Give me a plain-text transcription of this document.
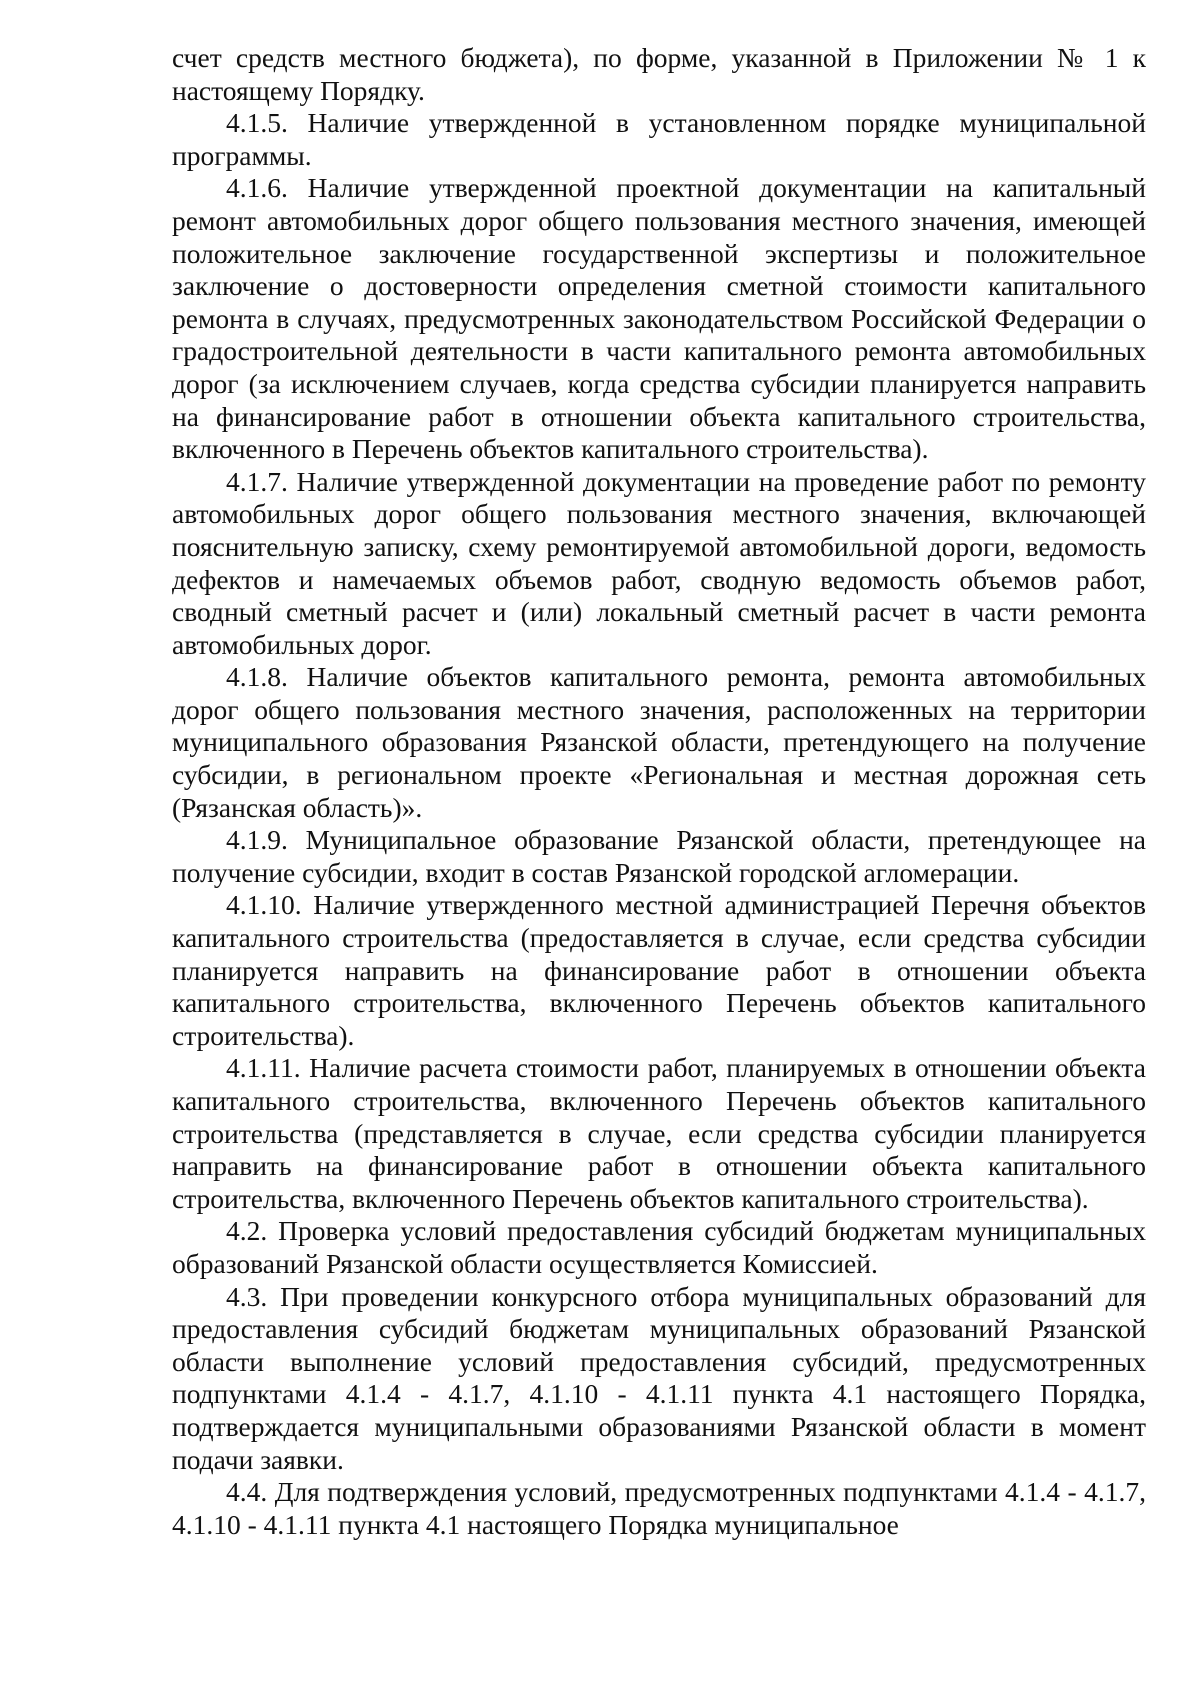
счет средств местного бюджета), по форме, указанной в Приложении № 1 к настоящему Порядку.

4.1.5. Наличие утвержденной в установленном порядке муниципальной программы.

4.1.6. Наличие утвержденной проектной документации на капитальный ремонт автомобильных дорог общего пользования местного значения, имеющей положительное заключение государственной экспертизы и положительное заключение о достоверности определения сметной стоимости капитального ремонта в случаях, предусмотренных законодательством Российской Федерации о градостроительной деятельности в части капитального ремонта автомобильных дорог (за исключением случаев, когда средства субсидии планируется направить на финансирование работ в отношении объекта капитального строительства, включенного в Перечень объектов капитального строительства).

4.1.7. Наличие утвержденной документации на проведение работ по ремонту автомобильных дорог общего пользования местного значения, включающей пояснительную записку, схему ремонтируемой автомобильной дороги, ведомость дефектов и намечаемых объемов работ, сводную ведомость объемов работ, сводный сметный расчет и (или) локальный сметный расчет в части ремонта автомобильных дорог.

4.1.8. Наличие объектов капитального ремонта, ремонта автомобильных дорог общего пользования местного значения, расположенных на территории муниципального образования Рязанской области, претендующего на получение субсидии, в региональном проекте «Региональная и местная дорожная сеть (Рязанская область)».

4.1.9. Муниципальное образование Рязанской области, претендующее на получение субсидии, входит в состав Рязанской городской агломерации.

4.1.10. Наличие утвержденного местной администрацией Перечня объектов капитального строительства (предоставляется в случае, если средства субсидии планируется направить на финансирование работ в отношении объекта капитального строительства, включенного Перечень объектов капитального строительства).

4.1.11. Наличие расчета стоимости работ, планируемых в отношении объекта капитального строительства, включенного Перечень объектов капитального строительства (представляется в случае, если средства субсидии планируется направить на финансирование работ в отношении объекта капитального строительства, включенного Перечень объектов капитального строительства).

4.2. Проверка условий предоставления субсидий бюджетам муниципальных образований Рязанской области осуществляется Комиссией.

4.3. При проведении конкурсного отбора муниципальных образований для предоставления субсидий бюджетам муниципальных образований Рязанской области выполнение условий предоставления субсидий, предусмотренных подпунктами 4.1.4 - 4.1.7, 4.1.10 - 4.1.11 пункта 4.1 настоящего Порядка, подтверждается муниципальными образованиями Рязанской области в момент подачи заявки.

4.4. Для подтверждения условий, предусмотренных подпунктами 4.1.4 - 4.1.7, 4.1.10 - 4.1.11 пункта 4.1 настоящего Порядка муниципальное
